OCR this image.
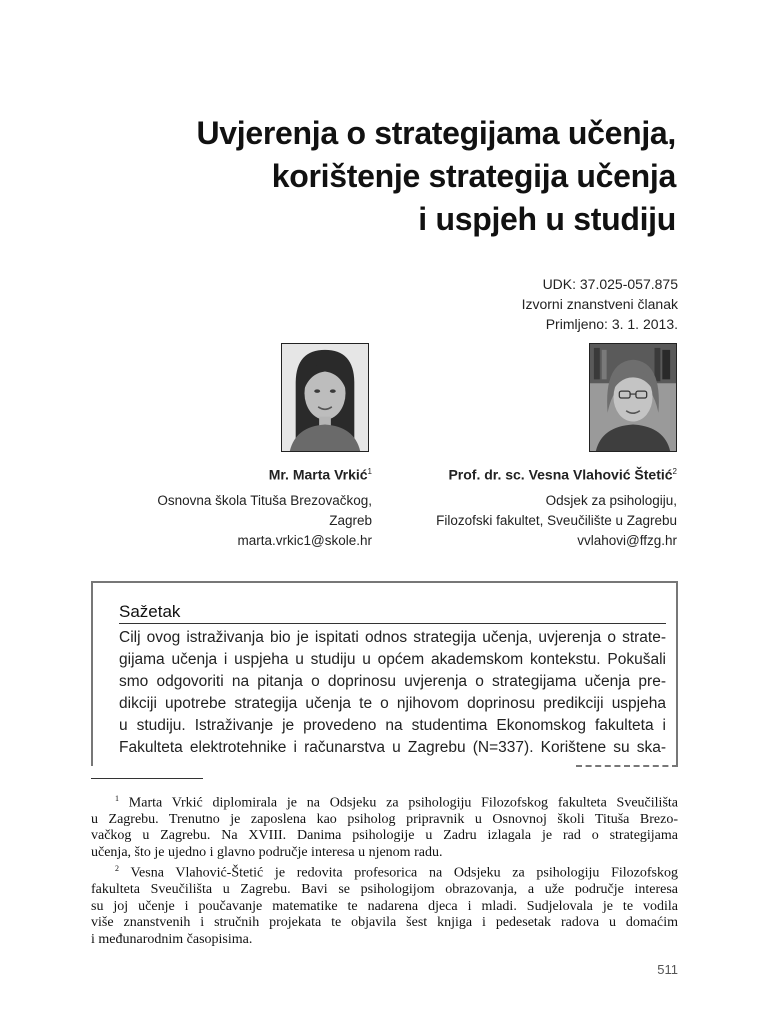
Uvjerenja o strategijama učenja,
korištenje strategija učenja
i uspjeh u studiju
UDK: 37.025-057.875
Izvorni znanstveni članak
Primljeno: 3. 1. 2013.
Mr. Marta Vrkić$^1$
Osnovna škola Tituša Brezovačkog,
Zagreb
marta.vrkic1@skole.hr
Prof. dr. sc. Vesna Vlahović Štetić$^2$
Odsjek za psihologiju,
Filozofski fakultet, Sveučilište u Zagrebu
vvlahovi@ffzg.hr
Sažetak
Cilj ovog istraživanja bio je ispitati odnos strategija učenja, uvjerenja o strate-
gijama učenja i uspjeha u studiju u općem akademskom kontekstu. Pokušali
smo odgovoriti na pitanja o doprinosu uvjerenja o strategijama učenja pre-
dikciji upotrebe strategija učenja te o njihovom doprinosu predikciji uspjeha
u studiju. Istraživanje je provedeno na studentima Ekonomskog fakulteta i
Fakulteta elektrotehnike i računarstva u Zagrebu (N=337). Korištene su ska-
$^1$ Marta Vrkić diplomirala je na Odsjeku za psihologiju Filozofskog fakulteta Sveučilišta
u Zagrebu. Trenutno je zaposlena kao psiholog pripravnik u Osnovnoj školi Tituša Brezo-
vačkog u Zagrebu. Na XVIII. Danima psihologije u Zadru izlagala je rad o strategijama
učenja, što je ujedno i glavno područje interesa u njenom radu.
$^2$ Vesna Vlahović-Štetić je redovita profesorica na Odsjeku za psihologiju Filozofskog
fakulteta Sveučilišta u Zagrebu. Bavi se psihologijom obrazovanja, a uže područje interesa
su joj učenje i poučavanje matematike te nadarena djeca i mladi. Sudjelovala je te vodila
više znanstvenih i stručnih projekata te objavila šest knjiga i pedesetak radova u domaćim
i međunarodnim časopisima.
511
